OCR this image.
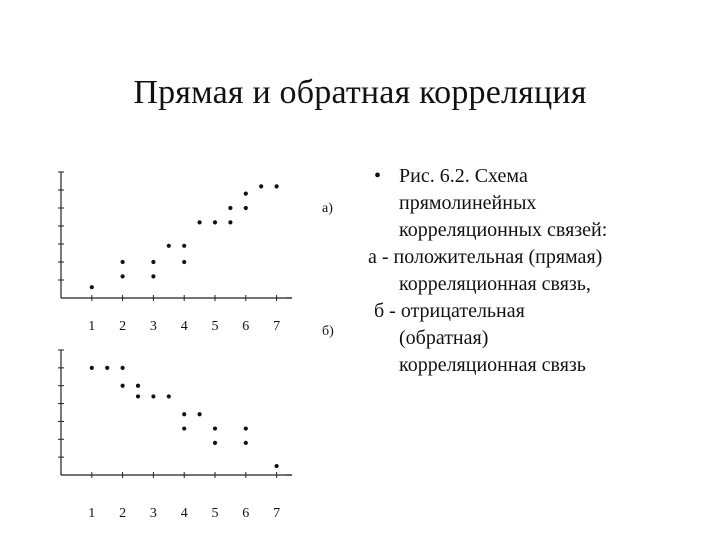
Прямая и обратная корреляция
1 2 3 4 5 6 7
а)
1 2 3 4 5 6 7
б)
• Рис. 6.2. Схема
прямолинейных
корреляционных связей:
а - положительная (прямая)
корреляционная связь,
б - отрицательная
(обратная)
корреляционная связь
